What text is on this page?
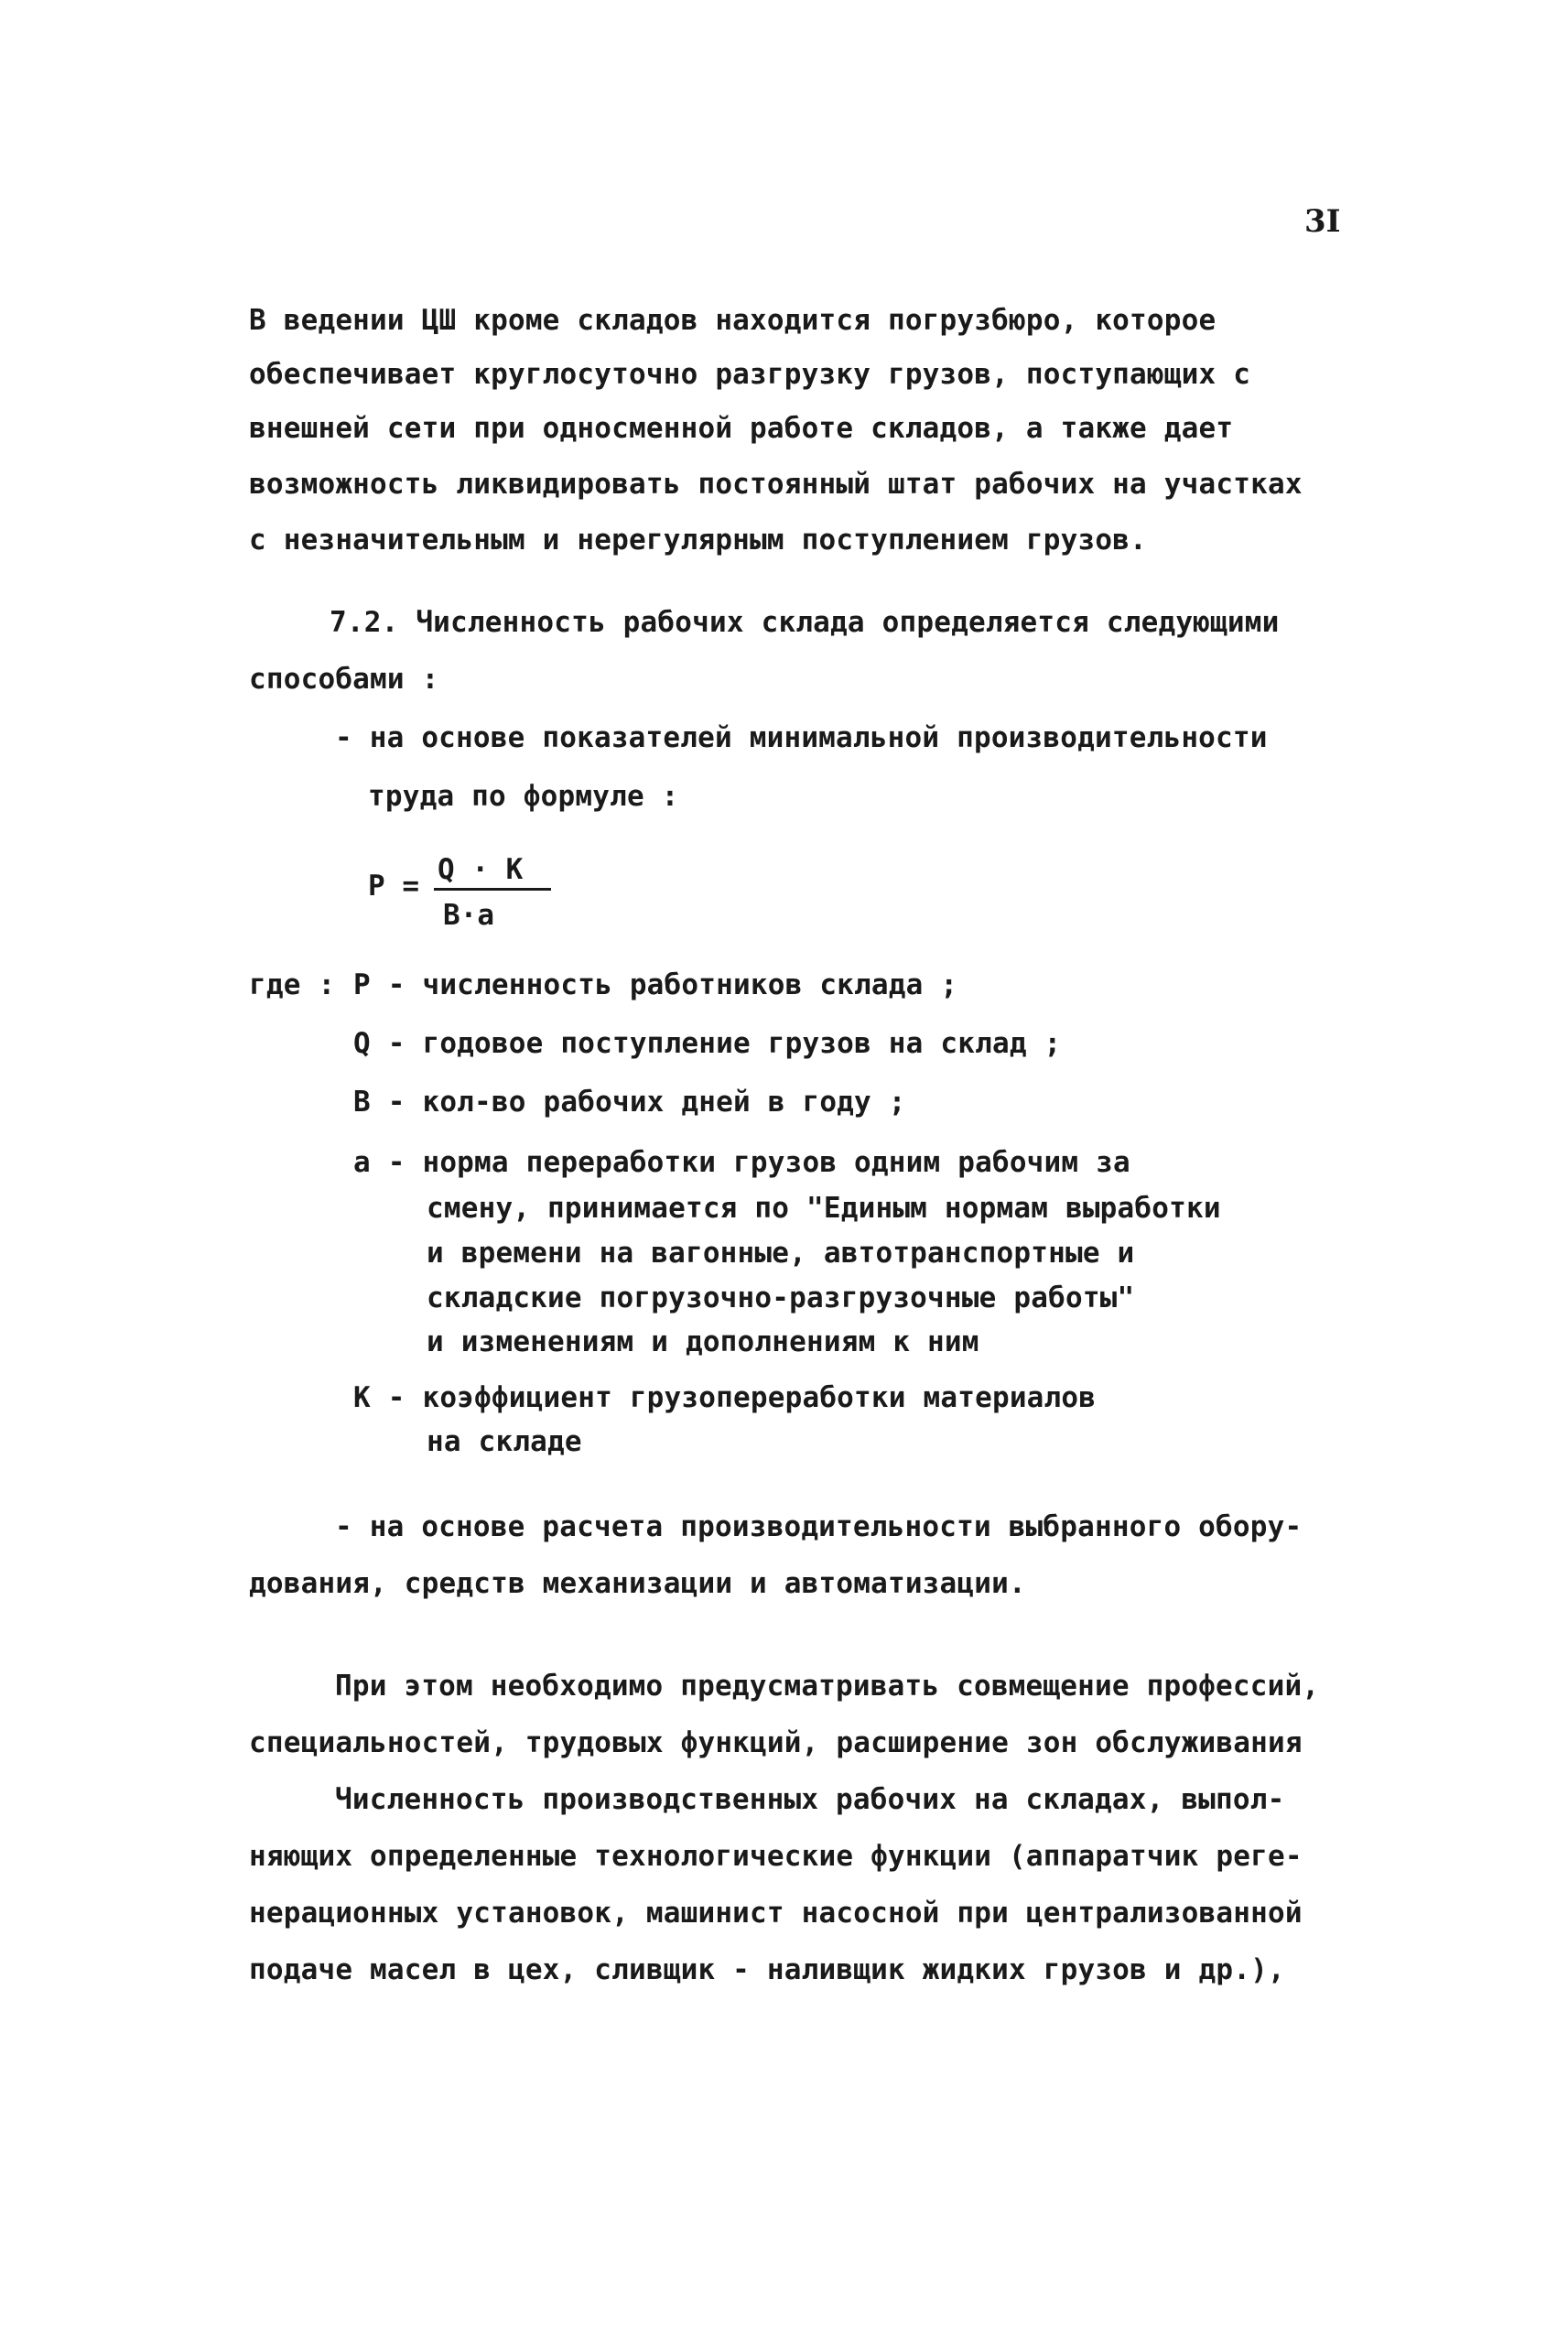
3I
В ведении ЦШ кроме складов находится погрузбюро, которое
обеспечивает круглосуточно разгрузку грузов, поступающих с
внешней сети при односменной работе складов, а также дает
возможность ликвидировать постоянный штат рабочих на участках
с незначительным и нерегулярным поступлением грузов.
7.2. Численность рабочих склада определяется следующими
способами :
- на основе показателей минимальной производительности
труда по формуле :
Р = Q · К
В·а
где : Р - численность работников склада ;
Q - годовое поступление грузов на склад ;
В - кол-во рабочих дней в году ;
а - норма переработки грузов одним рабочим за
смену, принимается по "Единым нормам выработки
и времени на вагонные, автотранспортные и
складские погрузочно-разгрузочные работы"
и изменениям и дополнениям к ним
К - коэффициент грузопереработки материалов
на складе
- на основе расчета производительности выбранного обору-
дования, средств механизации и автоматизации.
При этом необходимо предусматривать совмещение профессий,
специальностей, трудовых функций, расширение зон обслуживания
Численность производственных рабочих на складах, выпол-
няющих определенные технологические функции (аппаратчик реге-
нерационных установок, машинист насосной при централизованной
подаче масел в цех, сливщик - наливщик жидких грузов и др.),
